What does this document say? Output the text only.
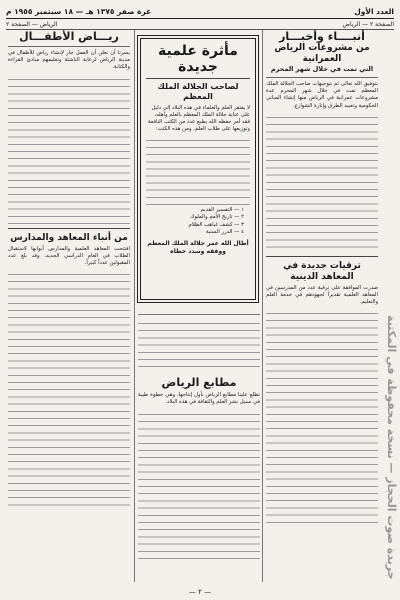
العدد الأول
غرة صفر ١٣٧٥ هـ — ١٨ سبتمبر ١٩٥٥ م
الصفحة ٢ — الرياض
الرياض — الصفحة ٢
أنبــــاء وأخبـــار
من مشروعات الرياض العمرانية
التي تمت في خلال شهر المحرم

بتوفيق الله تعالى ثم بتوجيهات صاحب الجلالة الملك المعظم تمت في خلال شهر المحرم عدة مشروعات عمرانية في الرياض منها إنشاء المباني الحكومية وتعبيد الطرق وإنارة الشوارع.

ترقيات جديدة في المعاهد الدينية

صدرت الموافقة على ترقية عدد من المدرسين في المعاهد العلمية تقديراً لجهودهم في خدمة العلم والتعليم.

مأثرة علمية جديدة
لصاحب الجلالة الملك المعظم

لا يفتقر العلم والعلماء في هذه البلاد إلى دليل على عناية جلالة الملك المعظم بالعلم وأهله، فقد أمر حفظه الله بطبع عدد من الكتب النافعة وتوزيعها على طلاب العلم. ومن هذه الكتب:

١ — التفسير القديم
٢ — تاريخ الأمم والملوك
٣ — كشف غياهب الظلام
٤ — الدرر السنية
أطال الله عمر جلالة الملك المعظم ووفقه وسدد خطاه
مطابع الرياض

تطلع علينا مطابع الرياض بأول إنتاجها، وهي خطوة طيبة في سبيل نشر العلم والثقافة في هذه البلاد.

ريـــاض الأطفـــال

يسرنا أن نعلن أن العمل جار لإنشاء رياض للأطفال في مدينة الرياض لرعاية الناشئة وتعليمهم مبادئ القراءة والكتابة.

من أنباء المعاهد والمدارس

افتتحت المعاهد العلمية والمدارس أبوابها لاستقبال الطلاب في العام الدراسي الجديد، وقد بلغ عدد المقبولين عدداً كبيراً.

جريدة صوت الحجاز — نسخة محفوظة في المكتبة
— ٢ —
